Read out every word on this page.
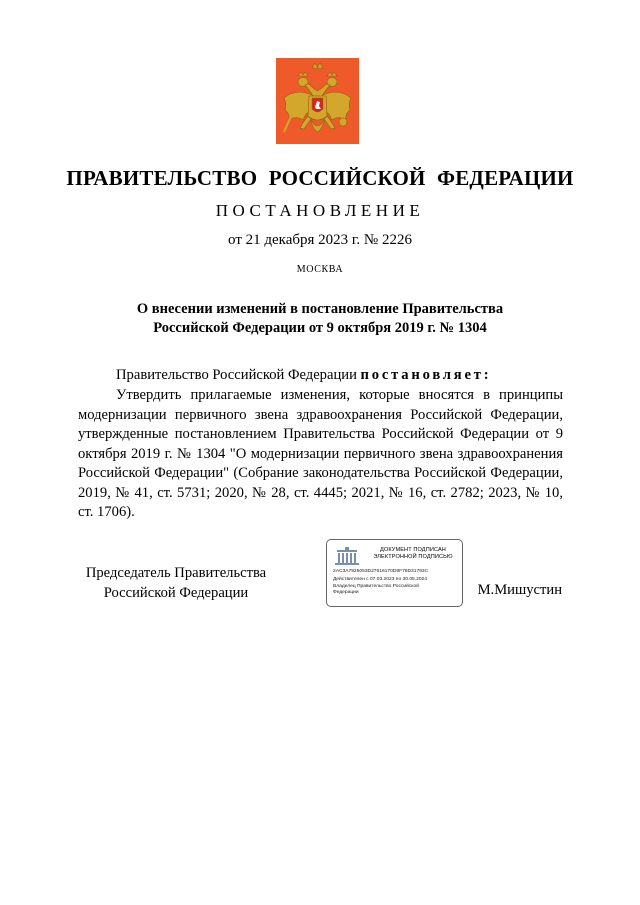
ПРАВИТЕЛЬСТВО РОССИЙСКОЙ ФЕДЕРАЦИИ
ПОСТАНОВЛЕНИЕ
от 21 декабря 2023 г. № 2226
МОСКВА
О внесении изменений в постановление Правительства
Российской Федерации от 9 октября 2019 г. № 1304
Правительство Российской Федерации постановляет:
Утвердить прилагаемые изменения, которые вносятся в принципы модернизации первичного звена здравоохранения Российской Федерации, утвержденные постановлением Правительства Российской Федерации от 9 октября 2019 г. № 1304 "О модернизации первичного звена здравоохранения Российской Федерации" (Собрание законодательства Российской Федерации, 2019, № 41, ст. 5731; 2020, № 28, ст. 4445; 2021, № 16, ст. 2782; 2023, № 10, ст. 1706).
Председатель Правительства
Российской Федерации
ДОКУМЕНТ ПОДПИСАН
ЭЛЕКТРОННОЙ ПОДПИСЬЮ
2AC3A7925053D27616170D9F76D31793C
Действителен с 07.03.2023 по 30.05.2024
Владелец Правительство Российской
Федерации	М.Мишустин
